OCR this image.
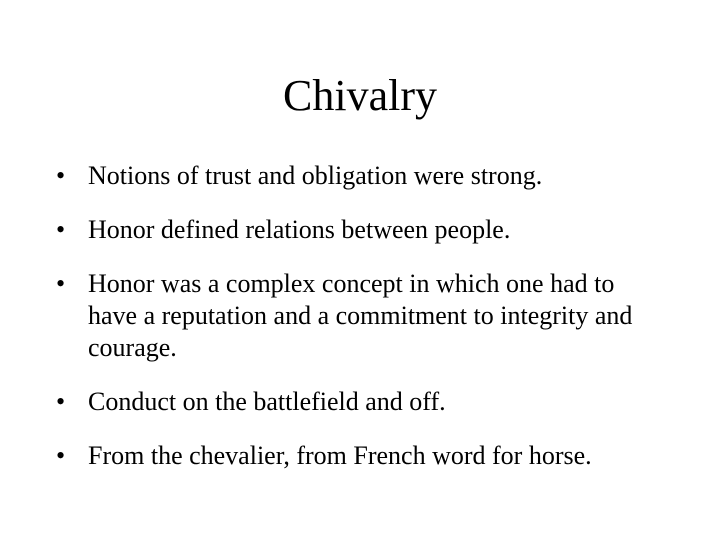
Chivalry
• Notions of trust and obligation were strong.
• Honor defined relations between people.
• Honor was a complex concept in which one had to have a reputation and a commitment to integrity and courage.
• Conduct on the battlefield and off.
• From the chevalier, from French word for horse.
